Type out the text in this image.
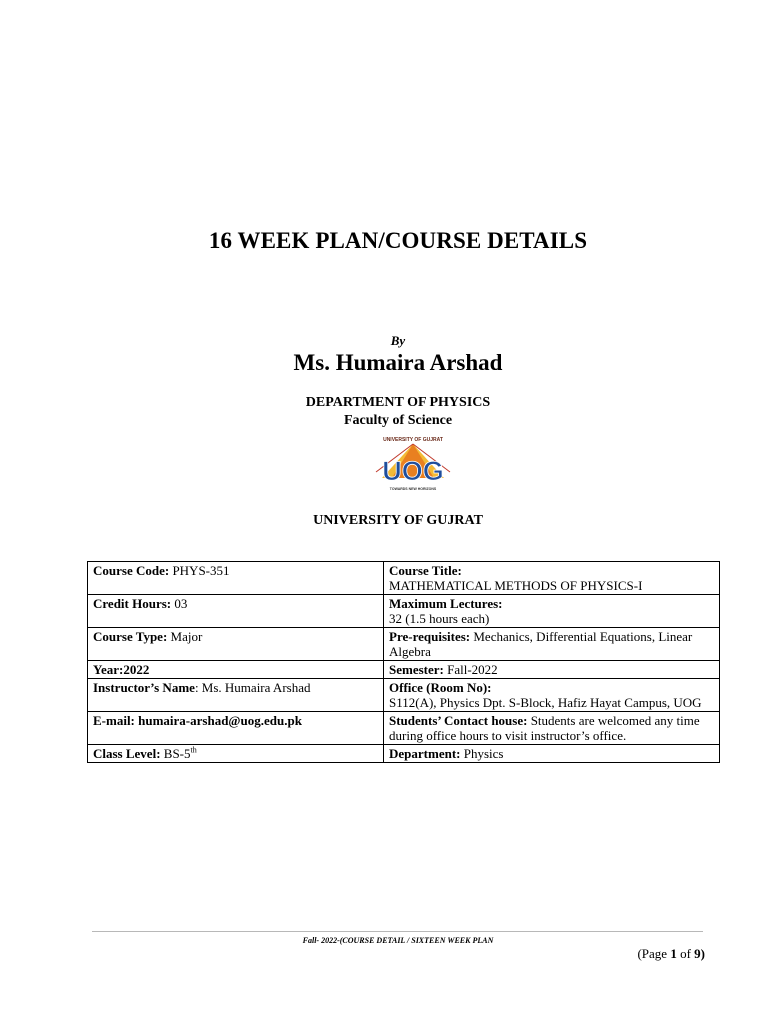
16 WEEK PLAN/COURSE DETAILS
By
Ms. Humaira Arshad
DEPARTMENT OF PHYSICS
Faculty of Science
UNIVERSITY OF GUJRAT
UOG
TOWARDS NEW HORIZONS
UNIVERSITY OF GUJRAT
Course Code: PHYS-351	Course Title:
MATHEMATICAL METHODS OF PHYSICS-I
Credit Hours: 03	Maximum Lectures:
32 (1.5 hours each)
Course Type: Major	Pre-requisites: Mechanics, Differential Equations, Linear Algebra
Year:2022	Semester: Fall-2022
Instructor’s Name: Ms. Humaira Arshad	Office (Room No):
S112(A), Physics Dpt. S-Block, Hafiz Hayat Campus, UOG
E-mail: humaira-arshad@uog.edu.pk	Students’ Contact house: Students are welcomed any time during office hours to visit instructor’s office.
Class Level: BS-5th	Department: Physics
Fall- 2022-(COURSE DETAIL / SIXTEEN WEEK PLAN
(Page 1 of 9)
